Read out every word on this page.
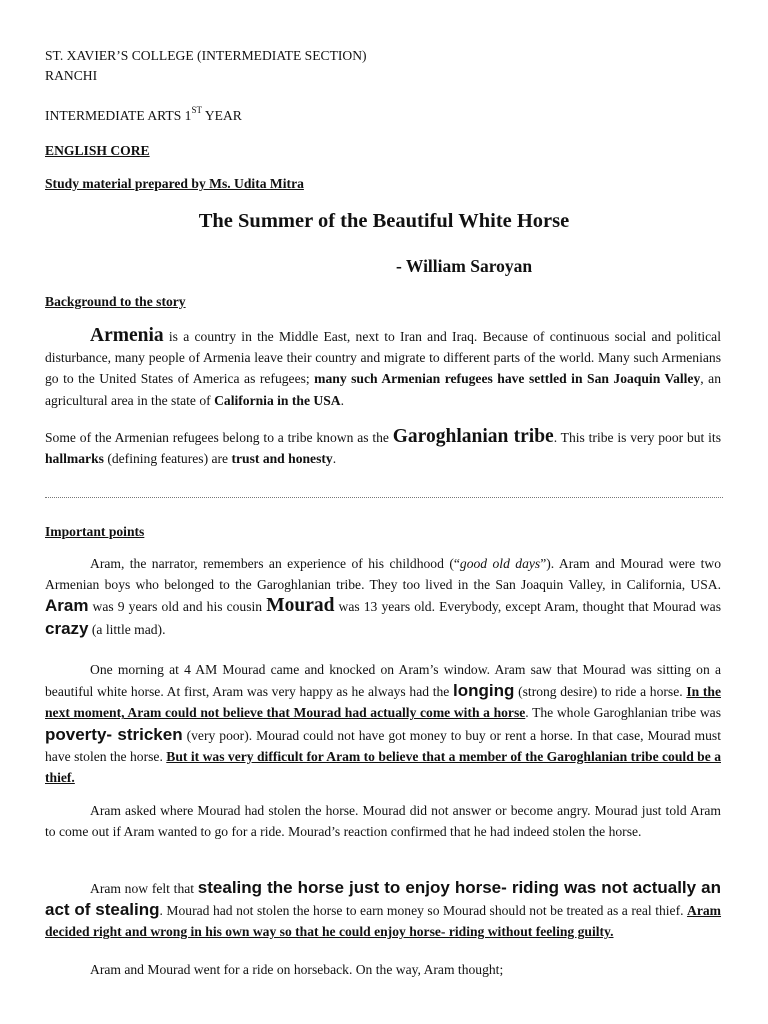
ST. XAVIER’S COLLEGE (INTERMEDIATE SECTION)
RANCHI
INTERMEDIATE ARTS 1ST YEAR
ENGLISH CORE
Study material prepared by Ms. Udita Mitra
The Summer of the Beautiful White Horse
- William Saroyan
Background to the story

Armenia is a country in the Middle East, next to Iran and Iraq. Because of continuous social and political disturbance, many people of Armenia leave their country and migrate to different parts of the world. Many such Armenians go to the United States of America as refugees; many such Armenian refugees have settled in San Joaquin Valley, an agricultural area in the state of California in the USA.

Some of the Armenian refugees belong to a tribe known as the Garoghlanian tribe. This tribe is very poor but its hallmarks (defining features) are trust and honesty.

Important points

Aram, the narrator, remembers an experience of his childhood (“good old days”). Aram and Mourad were two Armenian boys who belonged to the Garoghlanian tribe. They too lived in the San Joaquin Valley, in California, USA. Aram was 9 years old and his cousin Mourad was 13 years old. Everybody, except Aram, thought that Mourad was crazy (a little mad).

One morning at 4 AM Mourad came and knocked on Aram’s window. Aram saw that Mourad was sitting on a beautiful white horse. At first, Aram was very happy as he always had the longing (strong desire) to ride a horse. In the next moment, Aram could not believe that Mourad had actually come with a horse. The whole Garoghlanian tribe was poverty- stricken (very poor). Mourad could not have got money to buy or rent a horse. In that case, Mourad must have stolen the horse. But it was very difficult for Aram to believe that a member of the Garoghlanian tribe could be a thief.

Aram asked where Mourad had stolen the horse. Mourad did not answer or become angry. Mourad just told Aram to come out if Aram wanted to go for a ride. Mourad’s reaction confirmed that he had indeed stolen the horse.

Aram now felt that stealing the horse just to enjoy horse- riding was not actually an act of stealing. Mourad had not stolen the horse to earn money so Mourad should not be treated as a real thief. Aram decided right and wrong in his own way so that he could enjoy horse- riding without feeling guilty.

Aram and Mourad went for a ride on horseback. On the way, Aram thought;
